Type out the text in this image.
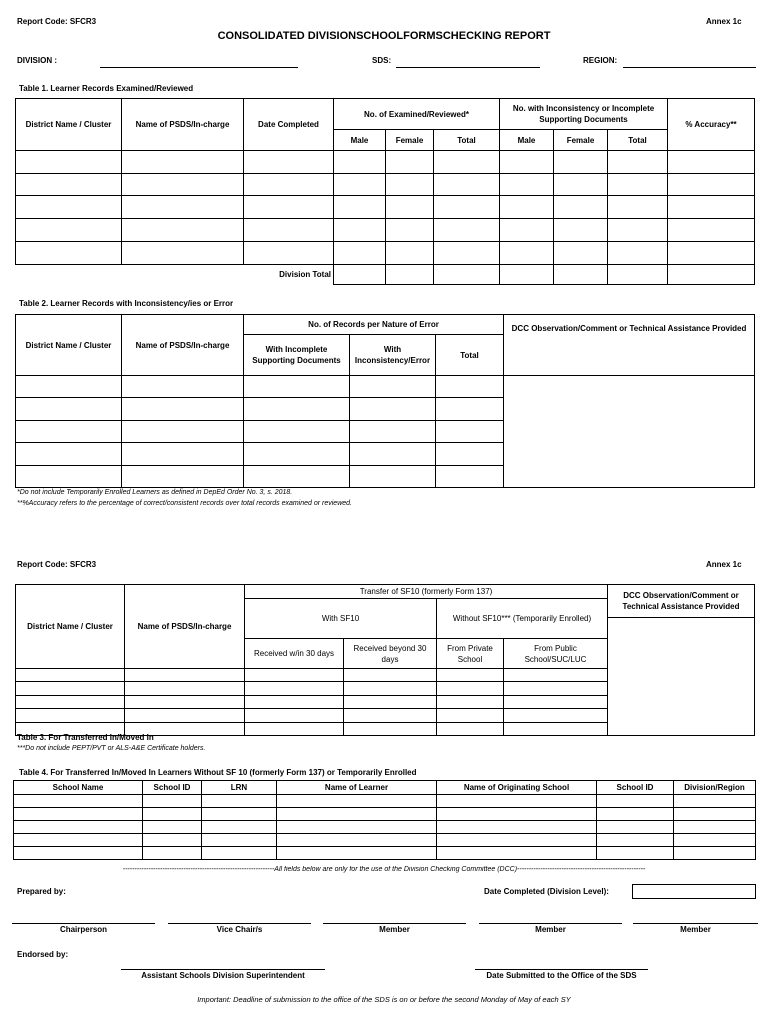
Report Code: SFCR3	Annex 1c
CONSOLIDATED DIVISIONSCHOOLFORMSCHECKING REPORT
DIVISION :	SDS:	REGION:
Table 1. Learner Records Examined/Reviewed
District Name / Cluster	Name of PSDS/In-charge	Date Completed	No. of Examined/Reviewed*			No. with Inconsistency or Incomplete Supporting Documents			% Accuracy**
			Male	Female	Total	Male	Female	Total	

		Division Total							
Table 2. Learner Records with Inconsistency/ies or Error
District Name / Cluster	Name of PSDS/In-charge	No. of Records per Nature of Error			DCC Observation/Comment or Technical Assistance Provided
		With Incomplete Supporting Documents	With Inconsistency/Error	Total	

*Do not include Temporarily Enrolled Learners as defined in DepEd Order No. 3, s. 2018.
**%Accuracy refers to the percentage of correct/consistent records over total records examined or reviewed.
Report Code: SFCR3	Annex 1c
District Name / Cluster	Name of PSDS/In-charge	Transfer of SF10 (formerly Form 137)				DCC Observation/Comment or Technical Assistance Provided
		With SF10		Without SF10*** (Temporarily Enrolled)		

		Received w/in 30 days	Received beyond 30 days	From Private School	From Public School/SUC/LUC	

Table 3. For Transferred In/Moved In
***Do not include PEPT/PVT or ALS-A&E Certificate holders.
Table 4. For Transferred In/Moved In Learners Without SF 10 (formerly Form 137) or Temporarily Enrolled
School Name	School ID	LRN	Name of Learner	Name of Originating School	School ID	Division/Region

-----------------------------------------------------------------All fields below are only for the use of the Division Checking Committee (DCC)-------------------------------------------------------
Prepared by:	Date Completed (Division Level):
Chairperson	Vice Chair/s	Member	Member	Member
Endorsed by:
Assistant Schools Division Superintendent	Date Submitted to the Office of the SDS
Important: Deadline of submission to the office of the SDS is on or before the second Monday of May of each SY
